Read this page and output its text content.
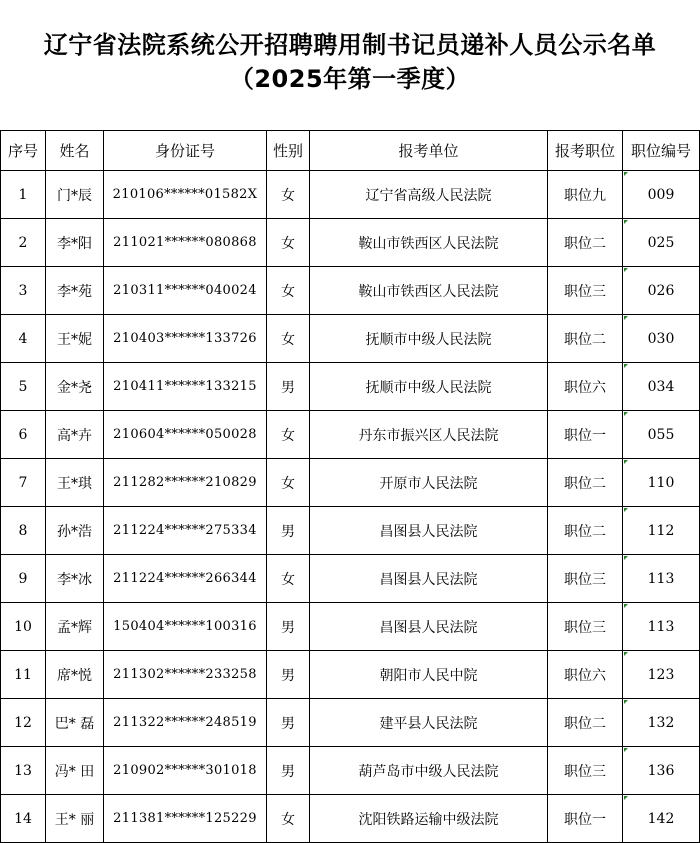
辽宁省法院系统公开招聘聘用制书记员递补人员公示名单
（2025年第一季度）
序号	姓名	身份证号	性别	报考单位	报考职位	职位编号
1	门*辰	210106******01582X	女	辽宁省高级人民法院	职位九	009
2	李*阳	211021******080868	女	鞍山市铁西区人民法院	职位二	025
3	李*苑	210311******040024	女	鞍山市铁西区人民法院	职位三	026
4	王*妮	210403******133726	女	抚顺市中级人民法院	职位二	030
5	金*尧	210411******133215	男	抚顺市中级人民法院	职位六	034
6	高*卉	210604******050028	女	丹东市振兴区人民法院	职位一	055
7	王*琪	211282******210829	女	开原市人民法院	职位二	110
8	孙*浩	211224******275334	男	昌图县人民法院	职位二	112
9	李*冰	211224******266344	女	昌图县人民法院	职位三	113
10	孟*辉	150404******100316	男	昌图县人民法院	职位三	113
11	席*悦	211302******233258	男	朝阳市人民中院	职位六	123
12	巴* 磊	211322******248519	男	建平县人民法院	职位二	132
13	冯* 田	210902******301018	男	葫芦岛市中级人民法院	职位三	136
14	王* 丽	211381******125229	女	沈阳铁路运输中级法院	职位一	142
